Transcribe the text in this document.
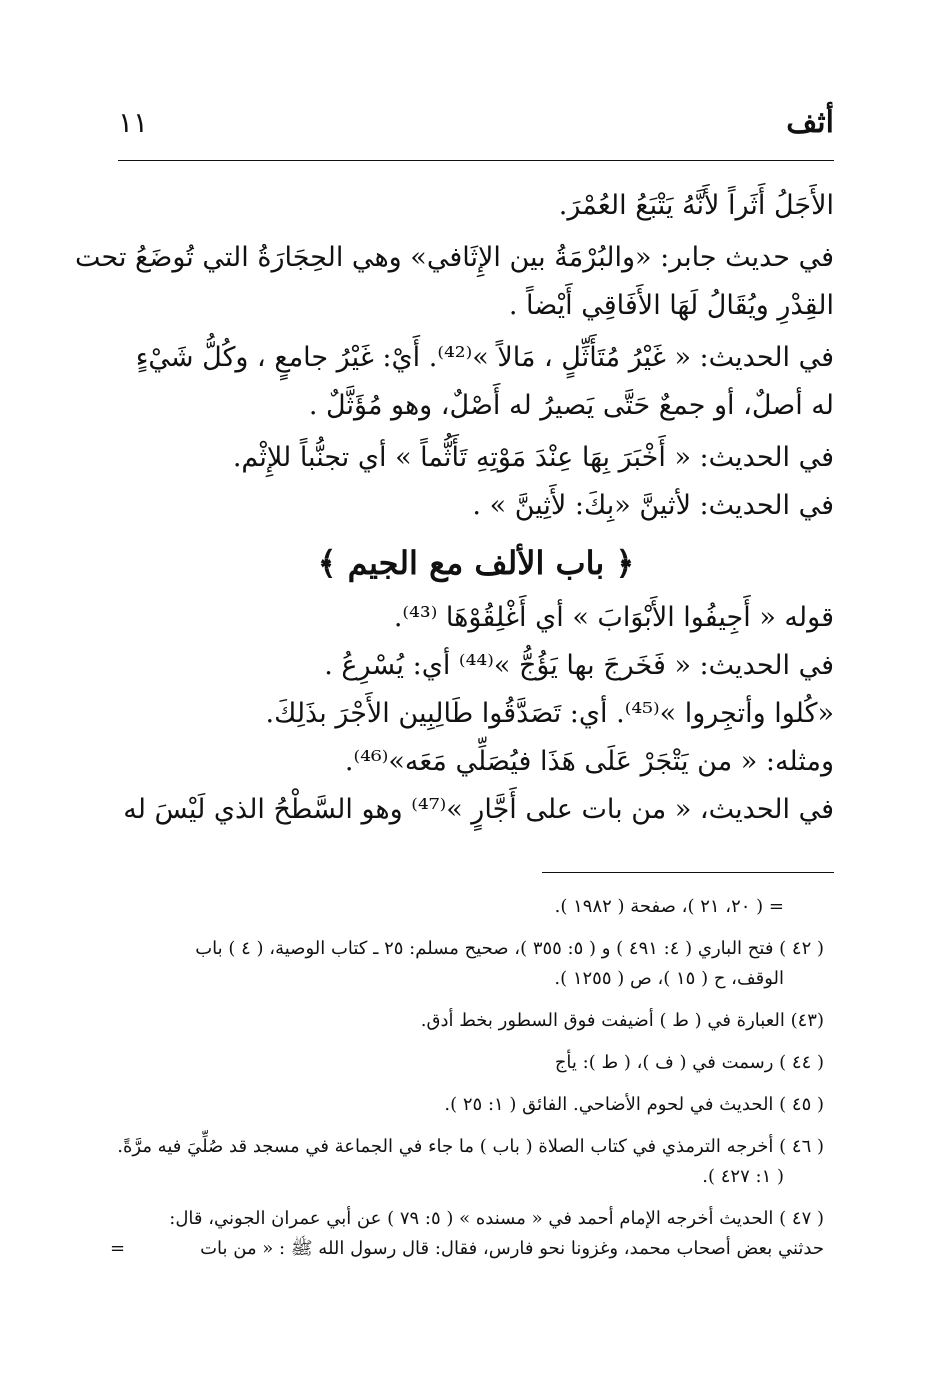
أثف
١١

الأَجَلُ أَثَراً لأَنَّهُ يَتْبَعُ العُمْرَ.

في حديث جابر: «والبُرْمَةُ بين الإِثَافي» وهي الحِجَارَةُ التي تُوضَعُ تحت
القِدْرِ ويُقَالُ لَهَا الأَفَاقِي أَيْضاً .

في الحديث: « غَيْرُ مُتَأَثِّلٍ ، مَالاً »⁽⁴²⁾. أَيْ: غَيْرُ جامعٍ ، وكُلُّ شَيْءٍ
له أصلٌ، أو جمعٌ حَتَّى يَصيرُ له أَصْلٌ، وهو مُؤَثَّلٌ .

في الحديث: « أَخْبَرَ بِهَا عِنْدَ مَوْتِهِ تَأَثُّماً » أي تجنُّباً للإِثْم.
في الحديث: لأثينَّ «بِكَ: لأَثِينَّ » .

﴿ باب الألف مع الجيم ﴾

قوله « أَجِيفُوا الأَبْوَابَ » أي أَغْلِقُوْهَا ⁽⁴³⁾.
في الحديث: « فَخَرجَ بها يَؤُجُّ »⁽⁴⁴⁾ أي: يُسْرِعُ .
«كُلوا وأتجِروا »⁽⁴⁵⁾. أي: تَصَدَّقُوا طَالِبِين الأَجْرَ بذَلِكَ.
ومثله: « من يَتْجَرْ عَلَى هَذَا فيُصَلِّي مَعَه»⁽⁴⁶⁾.
في الحديث، « من بات على أَجَّارٍ »⁽⁴⁷⁾ وهو السَّطْحُ الذي لَيْسَ له

= ( ٢٠، ٢١ )، صفحة ( ١٩٨٢ ).
( ٤٢ ) فتح الباري ( ٤: ٤٩١ ) و ( ٥: ٣٥٥ )، صحيح مسلم: ٢٥ ـ كتاب الوصية، ( ٤ ) باب
الوقف، ح ( ١٥ )، ص ( ١٢٥٥ ).
(٤٣) العبارة في ( ط ) أضيفت فوق السطور بخط أدق.
( ٤٤ ) رسمت في ( ف )، ( ط ): يأج
( ٤٥ ) الحديث في لحوم الأضاحي. الفائق ( ١: ٢٥ ).
( ٤٦ ) أخرجه الترمذي في كتاب الصلاة ( باب ) ما جاء في الجماعة في مسجد قد صُلِّيَ فيه مرَّةً.
( ١: ٤٢٧ ).
( ٤٧ ) الحديث أخرجه الإمام أحمد في « مسنده » ( ٥: ٧٩ ) عن أبي عمران الجوني، قال:
حدثني بعض أصحاب محمد، وغزونا نحو فارس، فقال: قال رسول الله ﷺ : « من بات
=
